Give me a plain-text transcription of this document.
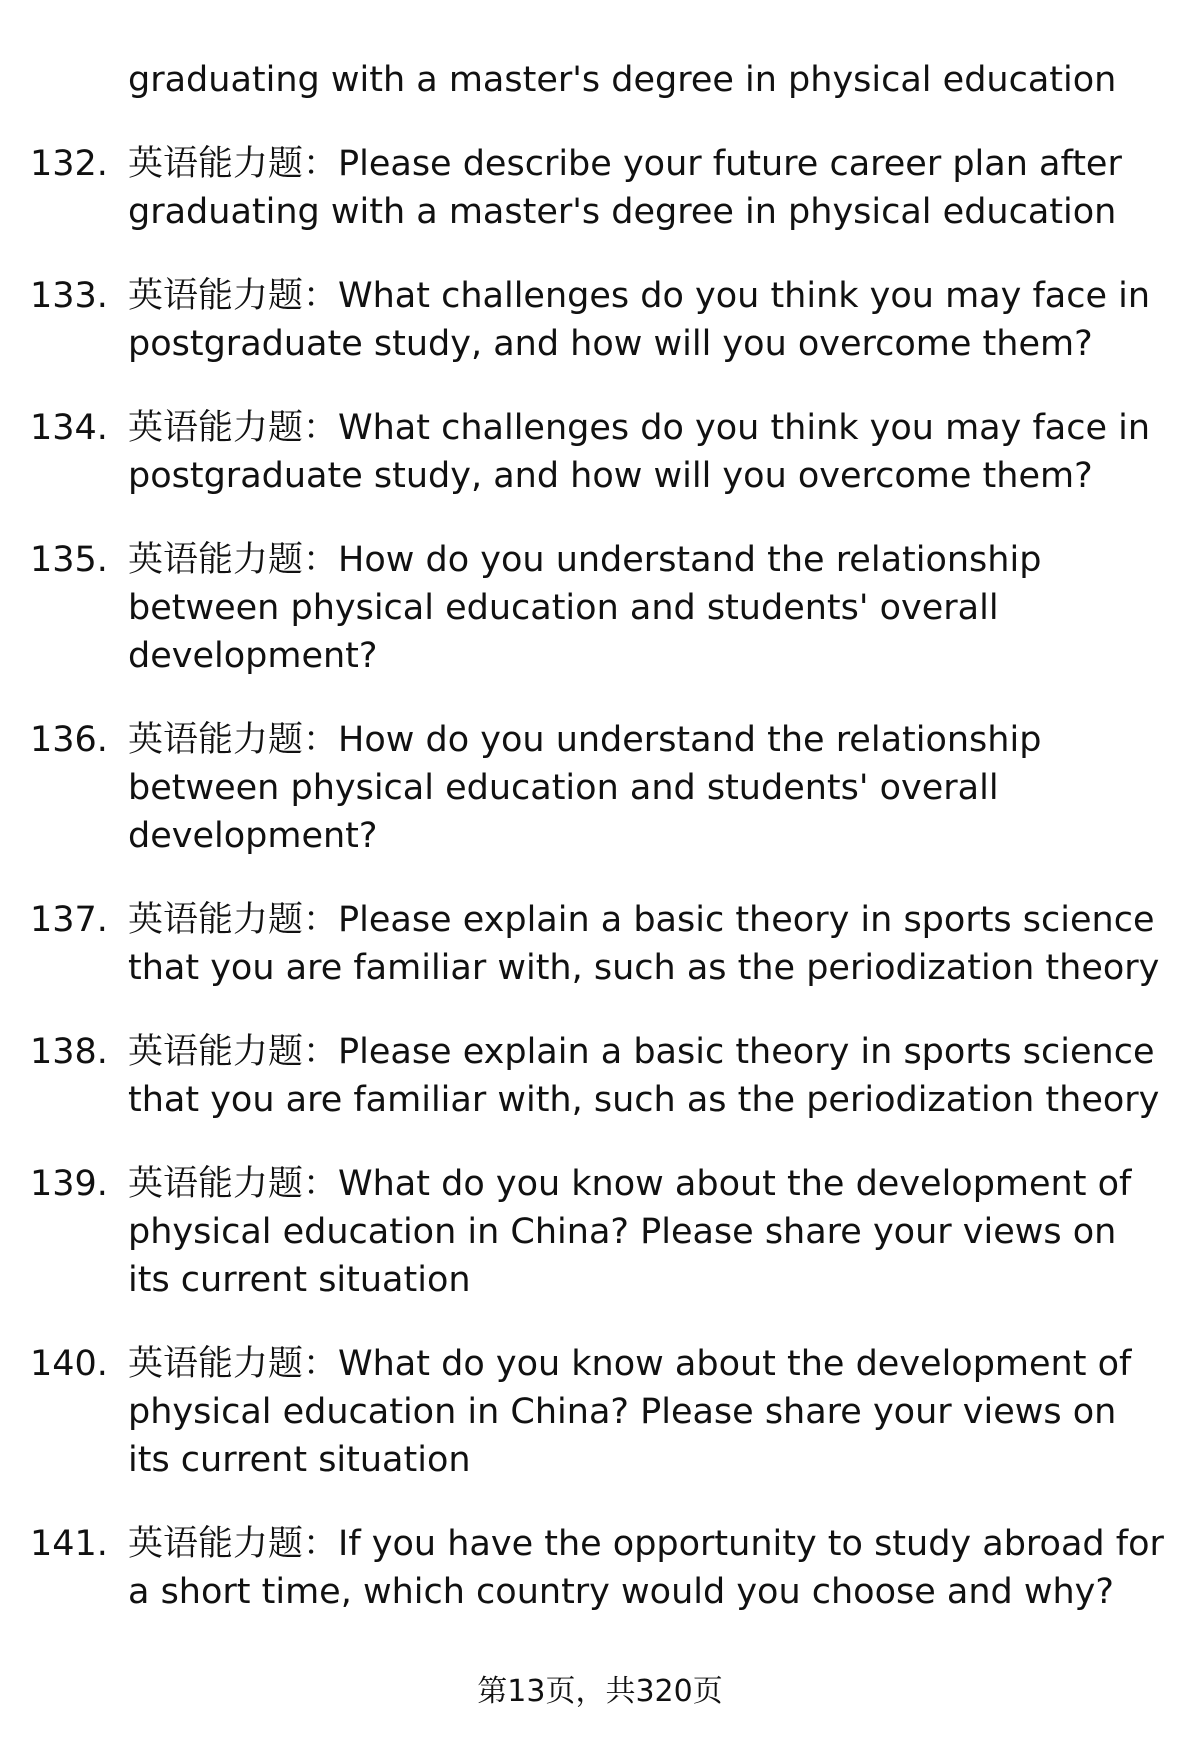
graduating with a master's degree in physical education

132. 英语能力题：Please describe your future career plan after graduating with a master's degree in physical education

133. 英语能力题：What challenges do you think you may face in postgraduate study, and how will you overcome them?

134. 英语能力题：What challenges do you think you may face in postgraduate study, and how will you overcome them?

135. 英语能力题：How do you understand the relationship between physical education and students' overall development?

136. 英语能力题：How do you understand the relationship between physical education and students' overall development?

137. 英语能力题：Please explain a basic theory in sports science that you are familiar with, such as the periodization theory

138. 英语能力题：Please explain a basic theory in sports science that you are familiar with, such as the periodization theory

139. 英语能力题：What do you know about the development of physical education in China? Please share your views on its current situation

140. 英语能力题：What do you know about the development of physical education in China? Please share your views on its current situation

141. 英语能力题：If you have the opportunity to study abroad for a short time, which country would you choose and why?

第13页，共320页
